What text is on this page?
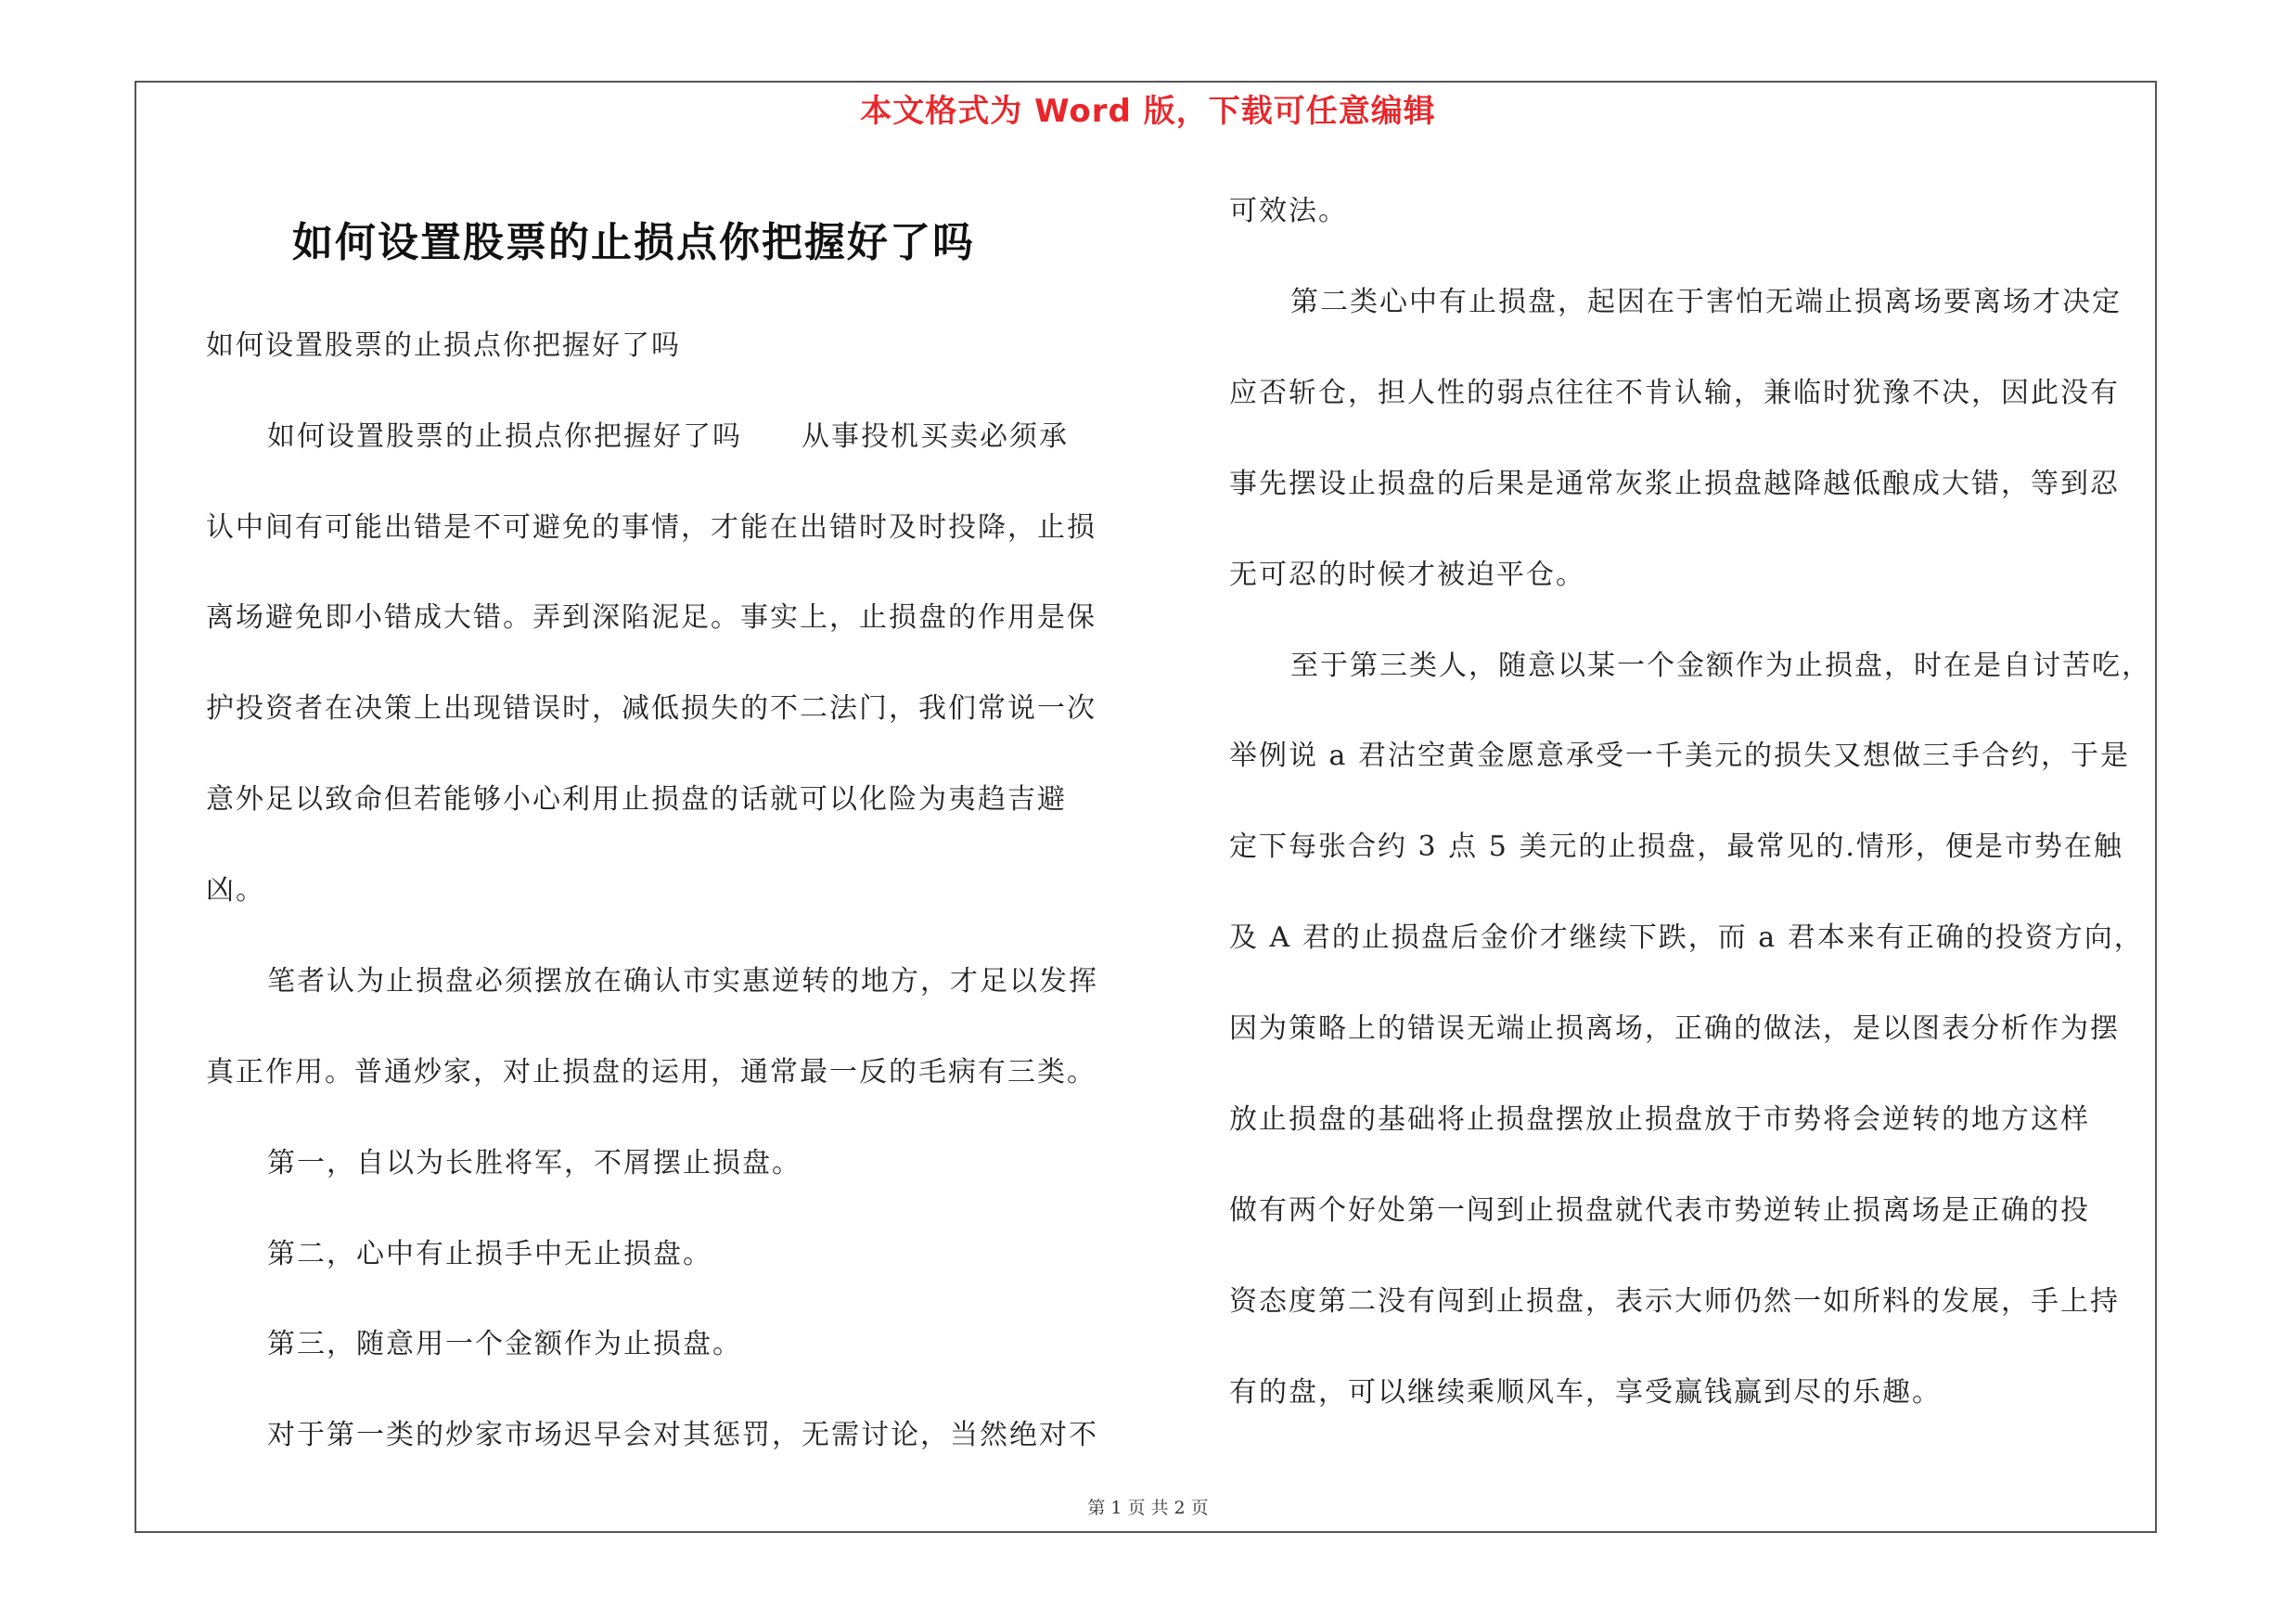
本文格式为 Word 版，下载可任意编辑
如何设置股票的止损点你把握好了吗
如何设置股票的止损点你把握好了吗
如何设置股票的止损点你把握好了吗　　从事投机买卖必须承
认中间有可能出错是不可避免的事情，才能在出错时及时投降，止损
离场避免即小错成大错。弄到深陷泥足。事实上，止损盘的作用是保
护投资者在决策上出现错误时，减低损失的不二法门，我们常说一次
意外足以致命但若能够小心利用止损盘的话就可以化险为夷趋吉避
凶。
笔者认为止损盘必须摆放在确认市实惠逆转的地方，才足以发挥
真正作用。普通炒家，对止损盘的运用，通常最一反的毛病有三类。
第一，自以为长胜将军，不屑摆止损盘。
第二，心中有止损手中无止损盘。
第三，随意用一个金额作为止损盘。
对于第一类的炒家市场迟早会对其惩罚，无需讨论，当然绝对不
可效法。
第二类心中有止损盘，起因在于害怕无端止损离场要离场才决定
应否斩仓，担人性的弱点往往不肯认输，兼临时犹豫不决，因此没有
事先摆设止损盘的后果是通常灰浆止损盘越降越低酿成大错，等到忍
无可忍的时候才被迫平仓。
至于第三类人，随意以某一个金额作为止损盘，时在是自讨苦吃，
举例说 a 君沽空黄金愿意承受一千美元的损失又想做三手合约，于是
定下每张合约 3 点 5 美元的止损盘，最常见的.情形，便是市势在触
及 A 君的止损盘后金价才继续下跌，而 a 君本来有正确的投资方向，
因为策略上的错误无端止损离场，正确的做法，是以图表分析作为摆
放止损盘的基础将止损盘摆放止损盘放于市势将会逆转的地方这样
做有两个好处第一闯到止损盘就代表市势逆转止损离场是正确的投
资态度第二没有闯到止损盘，表示大师仍然一如所料的发展，手上持
有的盘，可以继续乘顺风车，享受赢钱赢到尽的乐趣。
第 1 页 共 2 页
